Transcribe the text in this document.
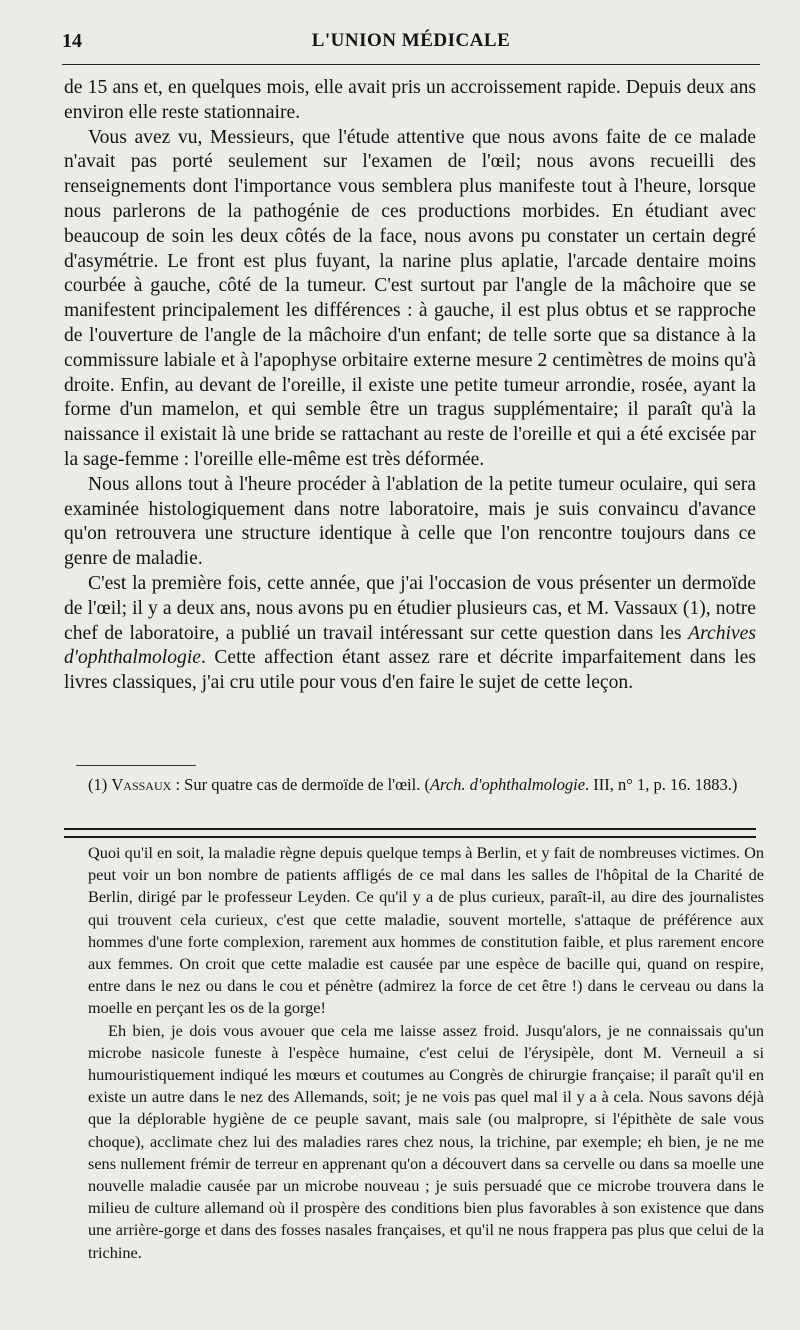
14	L'UNION MÉDICALE

de 15 ans et, en quelques mois, elle avait pris un accroissement rapide. Depuis deux ans environ elle reste stationnaire.

Vous avez vu, Messieurs, que l'étude attentive que nous avons faite de ce malade n'avait pas porté seulement sur l'examen de l'œil; nous avons recueilli des renseignements dont l'importance vous semblera plus manifeste tout à l'heure, lorsque nous parlerons de la pathogénie de ces productions morbides. En étudiant avec beaucoup de soin les deux côtés de la face, nous avons pu constater un certain degré d'asymétrie. Le front est plus fuyant, la narine plus aplatie, l'arcade dentaire moins courbée à gauche, côté de la tumeur. C'est surtout par l'angle de la mâchoire que se manifestent principalement les différences : à gauche, il est plus obtus et se rapproche de l'ouverture de l'angle de la mâchoire d'un enfant; de telle sorte que sa distance à la commissure labiale et à l'apophyse orbitaire externe mesure 2 centimètres de moins qu'à droite. Enfin, au devant de l'oreille, il existe une petite tumeur arrondie, rosée, ayant la forme d'un mamelon, et qui semble être un tragus supplémentaire; il paraît qu'à la naissance il existait là une bride se rattachant au reste de l'oreille et qui a été excisée par la sage-femme : l'oreille elle-même est très déformée.

Nous allons tout à l'heure procéder à l'ablation de la petite tumeur oculaire, qui sera examinée histologiquement dans notre laboratoire, mais je suis convaincu d'avance qu'on retrouvera une structure identique à celle que l'on rencontre toujours dans ce genre de maladie.

C'est la première fois, cette année, que j'ai l'occasion de vous présenter un dermoïde de l'œil; il y a deux ans, nous avons pu en étudier plusieurs cas, et M. Vassaux (1), notre chef de laboratoire, a publié un travail intéressant sur cette question dans les Archives d'ophthalmologie. Cette affection étant assez rare et décrite imparfaitement dans les livres classiques, j'ai cru utile pour vous d'en faire le sujet de cette leçon.

(1) Vassaux : Sur quatre cas de dermoïde de l'œil. (Arch. d'ophthalmologie. III, n° 1, p. 16. 1883.)

Quoi qu'il en soit, la maladie règne depuis quelque temps à Berlin, et y fait de nombreuses victimes. On peut voir un bon nombre de patients affligés de ce mal dans les salles de l'hôpital de la Charité de Berlin, dirigé par le professeur Leyden. Ce qu'il y a de plus curieux, paraît-il, au dire des journalistes qui trouvent cela curieux, c'est que cette maladie, souvent mortelle, s'attaque de préférence aux hommes d'une forte complexion, rarement aux hommes de constitution faible, et plus rarement encore aux femmes. On croit que cette maladie est causée par une espèce de bacille qui, quand on respire, entre dans le nez ou dans le cou et pénètre (admirez la force de cet être !) dans le cerveau ou dans la moelle en perçant les os de la gorge!

Eh bien, je dois vous avouer que cela me laisse assez froid. Jusqu'alors, je ne connaissais qu'un microbe nasicole funeste à l'espèce humaine, c'est celui de l'érysipèle, dont M. Verneuil a si humouristiquement indiqué les mœurs et coutumes au Congrès de chirurgie française; il paraît qu'il en existe un autre dans le nez des Allemands, soit; je ne vois pas quel mal il y a à cela. Nous savons déjà que la déplorable hygiène de ce peuple savant, mais sale (ou malpropre, si l'épithète de sale vous choque), acclimate chez lui des maladies rares chez nous, la trichine, par exemple; eh bien, je ne me sens nullement frémir de terreur en apprenant qu'on a découvert dans sa cervelle ou dans sa moelle une nouvelle maladie causée par un microbe nouveau ; je suis persuadé que ce microbe trouvera dans le milieu de culture allemand où il prospère des conditions bien plus favorables à son existence que dans une arrière-gorge et dans des fosses nasales françaises, et qu'il ne nous frappera pas plus que celui de la trichine.
